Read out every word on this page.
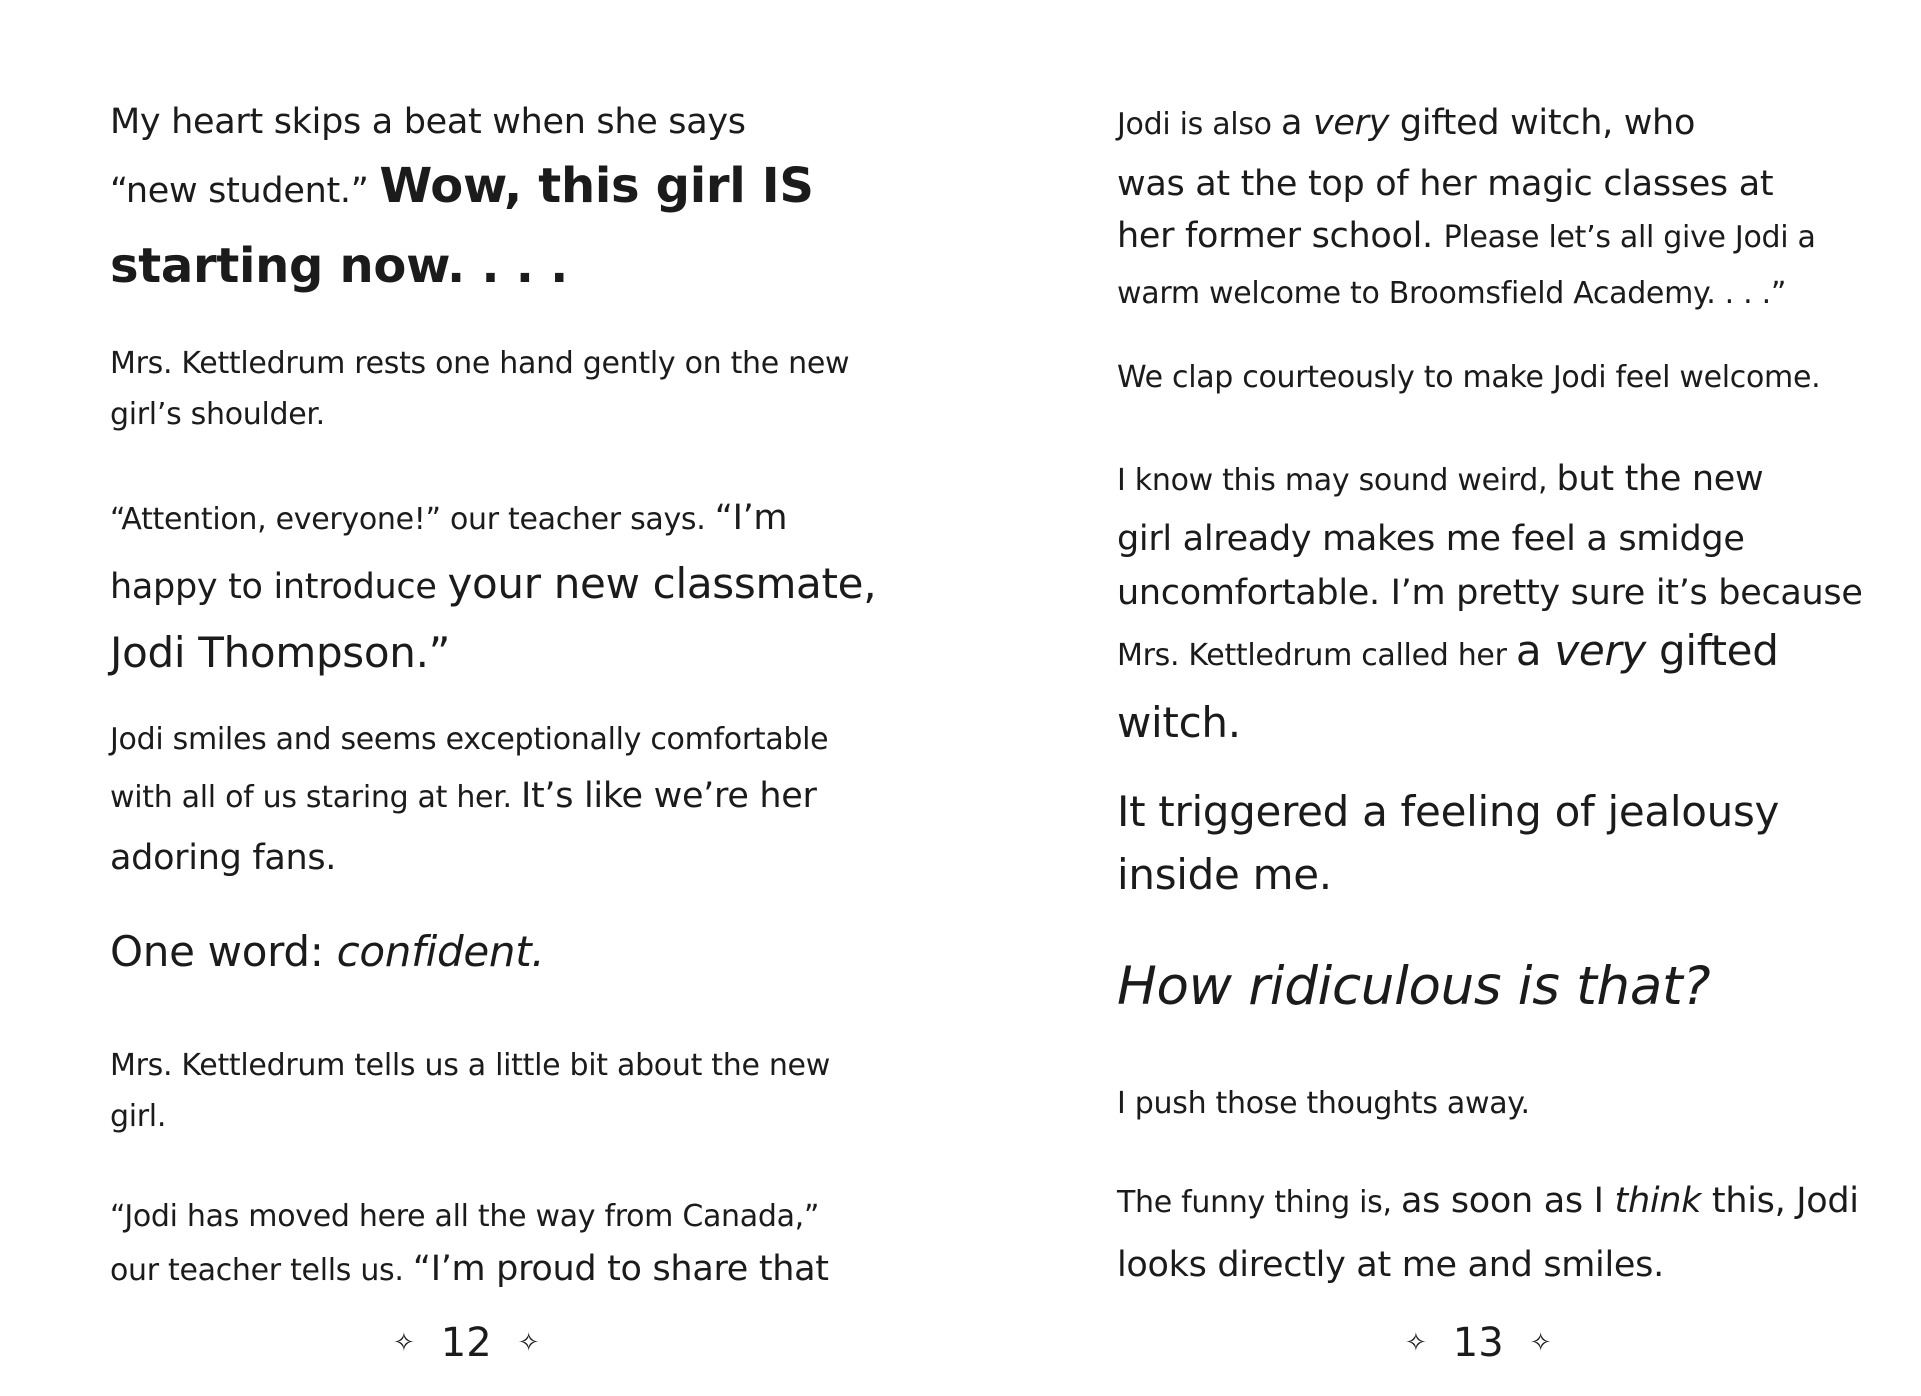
My heart skips a beat when she says
“new student.” Wow, this girl IS
starting now. . . .

Mrs. Kettledrum rests one hand gently on the new
girl’s shoulder.

“Attention, everyone!” our teacher says. “I’m
happy to introduce your new classmate,
Jodi Thompson.”

Jodi smiles and seems exceptionally comfortable
with all of us staring at her. It’s like we’re her
adoring fans.

One word: confident.

Mrs. Kettledrum tells us a little bit about the new
girl.

“Jodi has moved here all the way from Canada,”
our teacher tells us. “I’m proud to share that

✧ 12 ✧

Jodi is also a very gifted witch, who
was at the top of her magic classes at
her former school. Please let’s all give Jodi a
warm welcome to Broomsfield Academy. . . .”

We clap courteously to make Jodi feel welcome.

I know this may sound weird, but the new
girl already makes me feel a smidge
uncomfortable. I’m pretty sure it’s because
Mrs. Kettledrum called her a very gifted
witch.

It triggered a feeling of jealousy
inside me.

How ridiculous is that?

I push those thoughts away.

The funny thing is, as soon as I think this, Jodi
looks directly at me and smiles.

✧ 13 ✧
